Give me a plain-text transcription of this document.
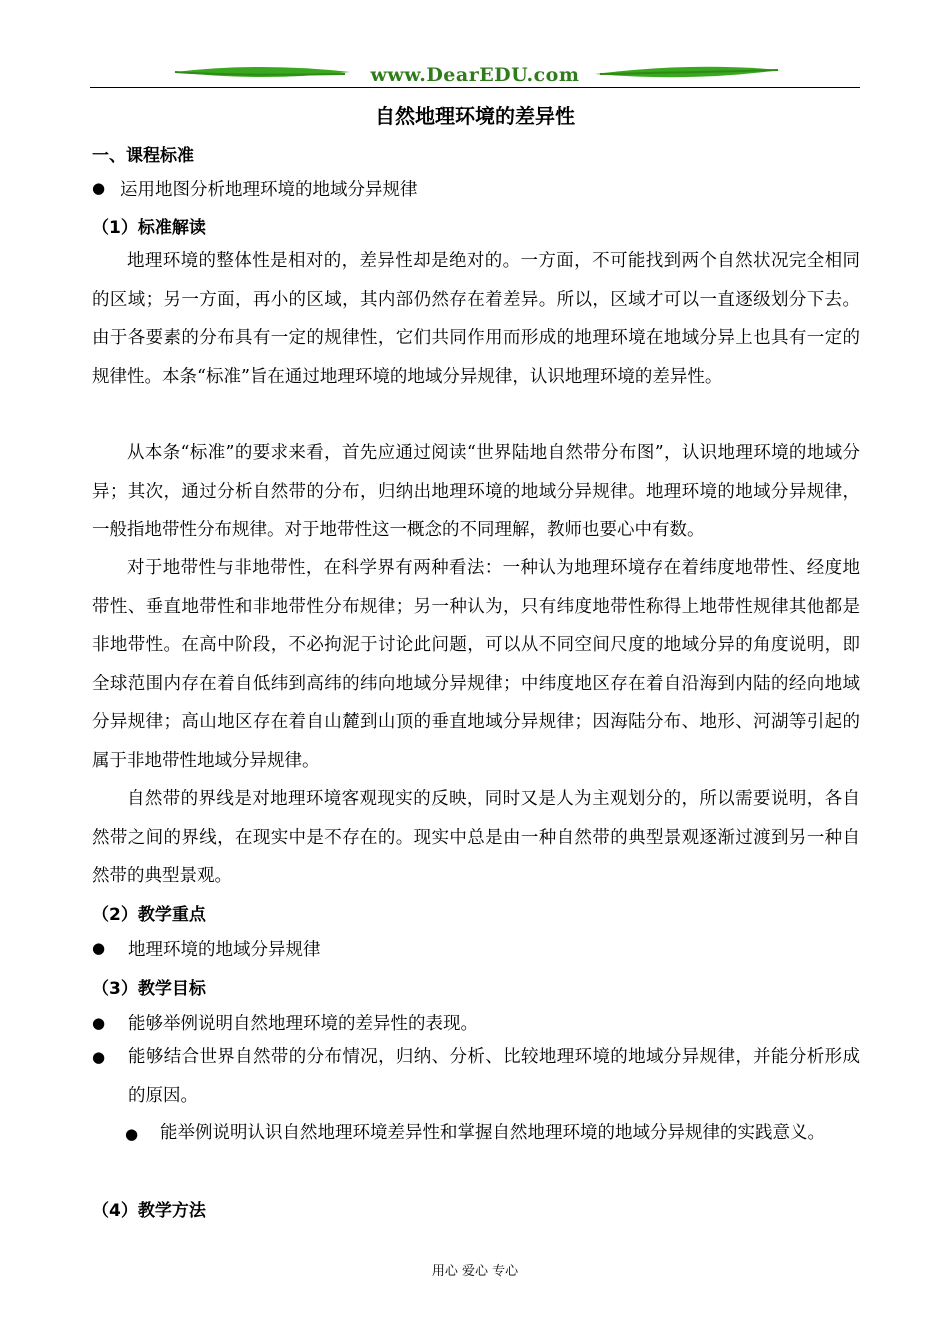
www.DearEDU.com
自然地理环境的差异性
一、课程标准
● 运用地图分析地理环境的地域分异规律
（1）标准解读
地理环境的整体性是相对的，差异性却是绝对的。一方面，不可能找到两个自然状况完全相同的区域；另一方面，再小的区域，其内部仍然存在着差异。所以，区域才可以一直逐级划分下去。由于各要素的分布具有一定的规律性，它们共同作用而形成的地理环境在地域分异上也具有一定的规律性。本条“标准”旨在通过地理环境的地域分异规律，认识地理环境的差异性。
从本条“标准”的要求来看，首先应通过阅读“世界陆地自然带分布图”，认识地理环境的地域分异；其次，通过分析自然带的分布，归纳出地理环境的地域分异规律。地理环境的地域分异规律，一般指地带性分布规律。对于地带性这一概念的不同理解，教师也要心中有数。
对于地带性与非地带性，在科学界有两种看法：一种认为地理环境存在着纬度地带性、经度地带性、垂直地带性和非地带性分布规律；另一种认为，只有纬度地带性称得上地带性规律其他都是非地带性。在高中阶段，不必拘泥于讨论此问题，可以从不同空间尺度的地域分异的角度说明，即全球范围内存在着自低纬到高纬的纬向地域分异规律；中纬度地区存在着自沿海到内陆的经向地域分异规律；高山地区存在着自山麓到山顶的垂直地域分异规律；因海陆分布、地形、河湖等引起的属于非地带性地域分异规律。
自然带的界线是对地理环境客观现实的反映，同时又是人为主观划分的，所以需要说明，各自然带之间的界线，在现实中是不存在的。现实中总是由一种自然带的典型景观逐渐过渡到另一种自然带的典型景观。
（2）教学重点
● 地理环境的地域分异规律
（3）教学目标
● 能够举例说明自然地理环境的差异性的表现。
● 能够结合世界自然带的分布情况，归纳、分析、比较地理环境的地域分异规律，并能分析形成的原因。
● 能举例说明认识自然地理环境差异性和掌握自然地理环境的地域分异规律的实践意义。
（4）教学方法
用心 爱心 专心
